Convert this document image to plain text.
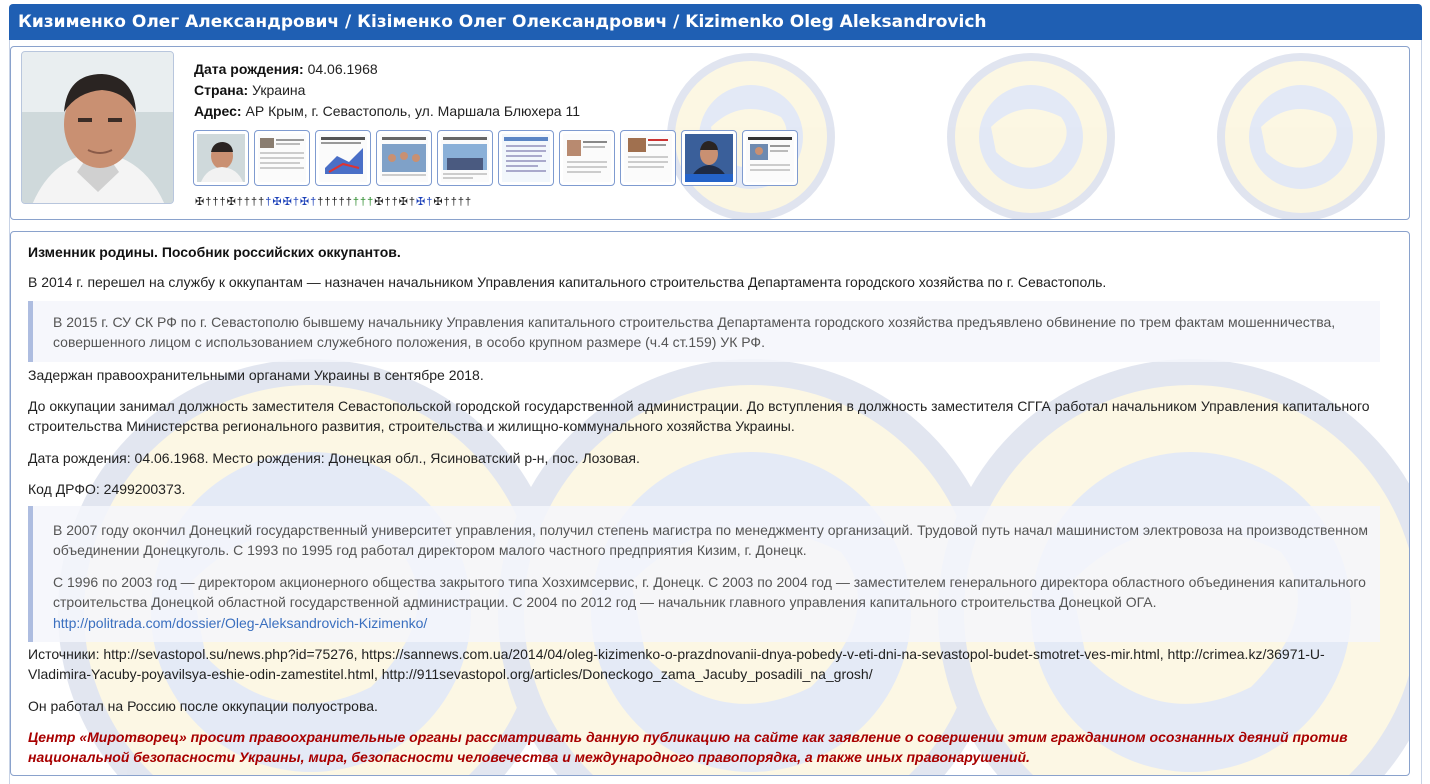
Кизименко Олег Александрович / Кізіменко Олег Олександрович / Kizimenko Oleg Aleksandrovich
Дата рождения: 04.06.1968
Страна: Украина
Адрес: АР Крым, г. Севастополь, ул. Маршала Блюхера 11
✠†††✠†††††✠✠†✠†††††††††✠††✠†✠†✠††††
Изменник родины. Пособник российских оккупантов.
В 2014 г. перешел на службу к оккупантам — назначен начальником Управления капитального строительства Департамента городского хозяйства по г. Севастополь.
В 2015 г. СУ СК РФ по г. Севастополю бывшему начальнику Управления капитального строительства Департамента городского хозяйства предъявлено обвинение по трем фактам мошенничества, совершенного лицом с использованием служебного положения, в особо крупном размере (ч.4 ст.159) УК РФ.
Задержан правоохранительными органами Украины в сентябре 2018.
До оккупации занимал должность заместителя Севастопольской городской государственной администрации. До вступления в должность заместителя СГГА работал начальником Управления капитального строительства Министерства регионального развития, строительства и жилищно-коммунального хозяйства Украины.
Дата рождения: 04.06.1968. Место рождения: Донецкая обл., Ясиноватский р-н, пос. Лозовая.
Код ДРФО: 2499200373.
В 2007 году окончил Донецкий государственный университет управления, получил степень магистра по менеджменту организаций. Трудовой путь начал машинистом электровоза на производственном объединении Донецкуголь. С 1993 по 1995 год работал директором малого частного предприятия Кизим, г. Донецк.
С 1996 по 2003 год — директором акционерного общества закрытого типа Хозхимсервис, г. Донецк. С 2003 по 2004 год — заместителем генерального директора областного объединения капитального строительства Донецкой областной государственной администрации. С 2004 по 2012 год — начальник главного управления капитального строительства Донецкой ОГА.
http://politrada.com/dossier/Oleg-Aleksandrovich-Kizimenko/
Источники: http://sevastopol.su/news.php?id=75276, https://sannews.com.ua/2014/04/oleg-kizimenko-o-prazdnovanii-dnya-pobedy-v-eti-dni-na-sevastopol-budet-smotret-ves-mir.html, http://crimea.kz/36971-U-Vladimira-Yacuby-poyavilsya-eshie-odin-zamestitel.html, http://911sevastopol.org/articles/Doneckogo_zama_Jacuby_posadili_na_grosh/
Он работал на Россию после оккупации полуострова.
Центр «Миротворец» просит правоохранительные органы рассматривать данную публикацию на сайте как заявление о совершении этим гражданином осознанных деяний против национальной безопасности Украины, мира, безопасности человечества и международного правопорядка, а также иных правонарушений.
